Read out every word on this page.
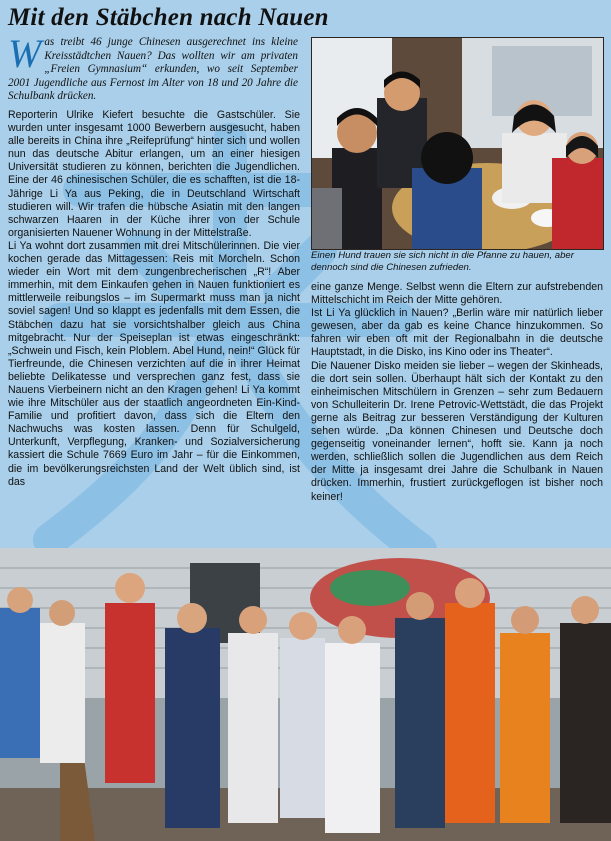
Mit den Stäbchen nach Nauen
W as treibt 46 junge Chinesen ausgerechnet ins kleine Kreisstädtchen Nauen? Das wollten wir am privaten „Freien Gymnasium“ erkunden, wo seit September 2001 Jugendliche aus Fernost im Alter von 18 und 20 Jahre die Schulbank drücken.

Reporterin Ulrike Kiefert besuchte die Gastschüler. Sie wurden unter insgesamt 1000 Bewerbern ausgesucht, haben alle bereits in China ihre „Reifeprüfung“ hinter sich und wollen nun das deutsche Abitur erlangen, um an einer hiesigen Universität studieren zu können, berichten die Jugendlichen. Eine der 46 chinesischen Schüler, die es schafften, ist die 18-Jährige Li Ya aus Peking, die in Deutschland Wirtschaft studieren will. Wir trafen die hübsche Asiatin mit den langen schwarzen Haaren in der Küche ihrer von der Schule organisierten Nauener Wohnung in der Mittelstraße.

Li Ya wohnt dort zusammen mit drei Mitschülerinnen. Die vier kochen gerade das Mittagessen: Reis mit Morcheln. Schon wieder ein Wort mit dem zungenbrecherischen „R“! Aber immerhin, mit dem Einkaufen gehen in Nauen funktioniert es mittlerweile reibungslos – im Supermarkt muss man ja nicht soviel sagen! Und so klappt es jedenfalls mit dem Essen, die Stäbchen dazu hat sie vorsichtshalber gleich aus China mitgebracht. Nur der Speiseplan ist etwas eingeschränkt: „Schwein und Fisch, kein Ploblem. Abel Hund, nein!“ Glück für Tierfreunde, die Chinesen verzichten auf die in ihrer Heimat beliebte Delikatesse und versprechen ganz fest, dass sie Nauens Vierbeinern nicht an den Kragen gehen! Li Ya kommt wie ihre Mitschüler aus der staatlich angeordneten Ein-Kind-Familie und profitiert davon, dass sich die Eltern den Nachwuchs was kosten lassen. Denn für Schulgeld, Unterkunft, Verpflegung, Kranken- und Sozialversicherung kassiert die Schule 7669 Euro im Jahr – für die Einkommen, die im bevölkerungsreichsten Land der Welt üblich sind, ist das

Einen Hund trauen sie sich nicht in die Pfanne zu hauen, aber dennoch sind die Chinesen zufrieden.

eine ganze Menge. Selbst wenn die Eltern zur aufstrebenden Mittelschicht im Reich der Mitte gehören.

Ist Li Ya glücklich in Nauen? „Berlin wäre mir natürlich lieber gewesen, aber da gab es keine Chance hinzukommen. So fahren wir eben oft mit der Regionalbahn in die deutsche Hauptstadt, in die Disko, ins Kino oder ins Theater“.

Die Nauener Disko meiden sie lieber – wegen der Skinheads, die dort sein sollen. Überhaupt hält sich der Kontakt zu den einheimischen Mitschülern in Grenzen – sehr zum Bedauern von Schulleiterin Dr. Irene Petrovic-Wettstädt, die das Projekt gerne als Beitrag zur besseren Verständigung der Kulturen sehen würde. „Da können Chinesen und Deutsche doch gegenseitig voneinander lernen“, hofft sie. Kann ja noch werden, schließlich sollen die Jugendlichen aus dem Reich der Mitte ja insgesamt drei Jahre die Schulbank in Nauen drücken. Immerhin, frustiert zurückgeflogen ist bisher noch keiner!
